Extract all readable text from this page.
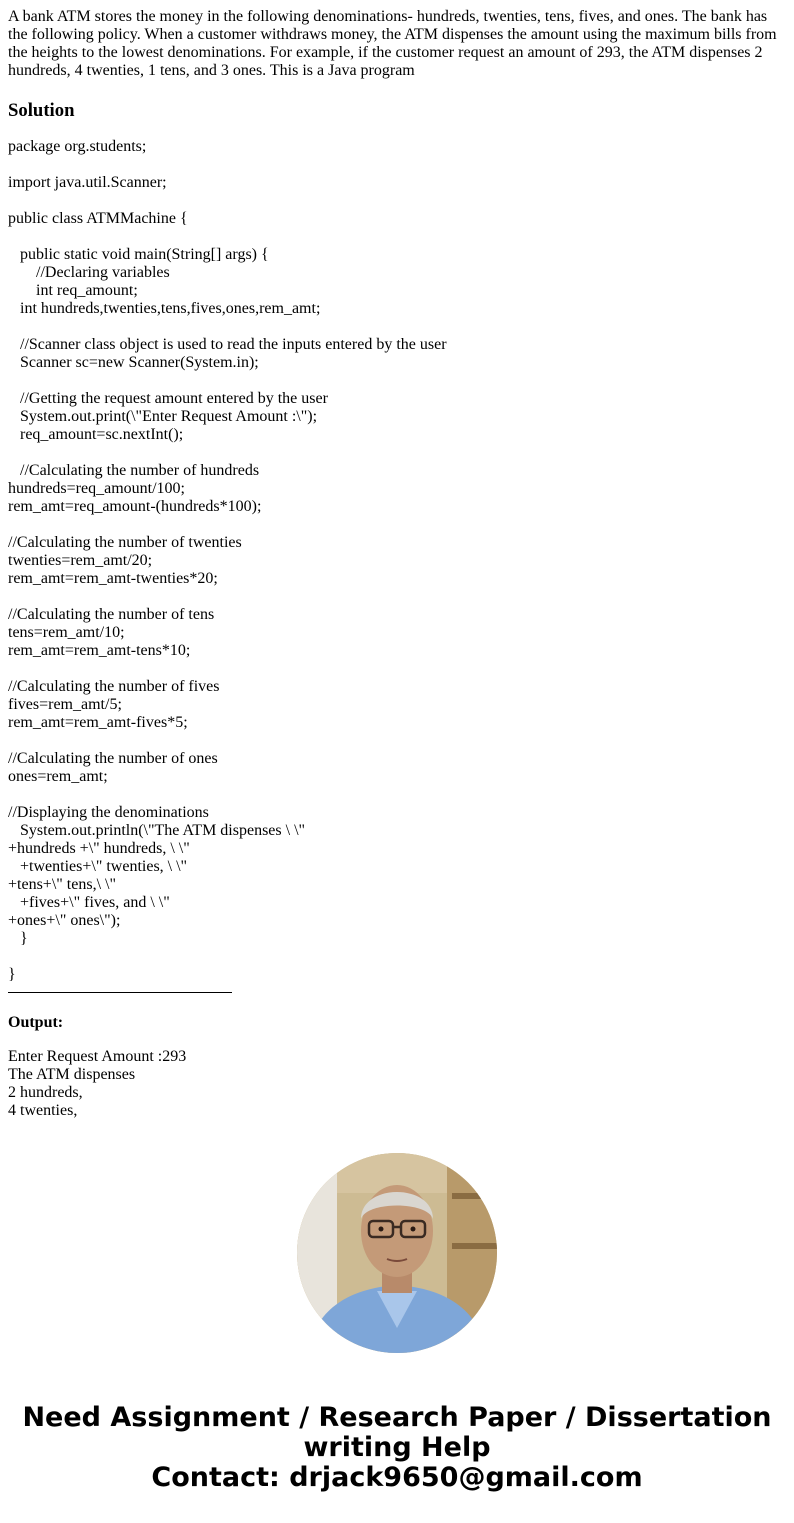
A bank ATM stores the money in the following denominations- hundreds, twenties, tens, fives, and ones. The bank has the following policy. When a customer withdraws money, the ATM dispenses the amount using the maximum bills from the heights to the lowest denominations. For example, if the customer request an amount of 293, the ATM dispenses 2 hundreds, 4 twenties, 1 tens, and 3 ones. This is a Java program
Solution
package org.students;
import java.util.Scanner;
public class ATMMachine {
public static void main(String[] args) {
//Declaring variables
int req_amount;
int hundreds,twenties,tens,fives,ones,rem_amt;
//Scanner class object is used to read the inputs entered by the user
Scanner sc=new Scanner(System.in);
//Getting the request amount entered by the user
System.out.print(\"Enter Request Amount :\");
req_amount=sc.nextInt();
//Calculating the number of hundreds
hundreds=req_amount/100;
rem_amt=req_amount-(hundreds*100);
//Calculating the number of twenties
twenties=rem_amt/20;
rem_amt=rem_amt-twenties*20;
//Calculating the number of tens
tens=rem_amt/10;
rem_amt=rem_amt-tens*10;
//Calculating the number of fives
fives=rem_amt/5;
rem_amt=rem_amt-fives*5;
//Calculating the number of ones
ones=rem_amt;
//Displaying the denominations
System.out.println(\"The ATM dispenses \ \"
+hundreds +\" hundreds, \ \"
+twenties+\" twenties, \ \"
+tens+\" tens,\ \"
+fives+\" fives, and \ \"
+ones+\" ones\");
}
}
Output:
Enter Request Amount :293
The ATM dispenses
2 hundreds,
4 twenties,
Need Assignment / Research Paper / Dissertation
writing Help
Contact: drjack9650@gmail.com
